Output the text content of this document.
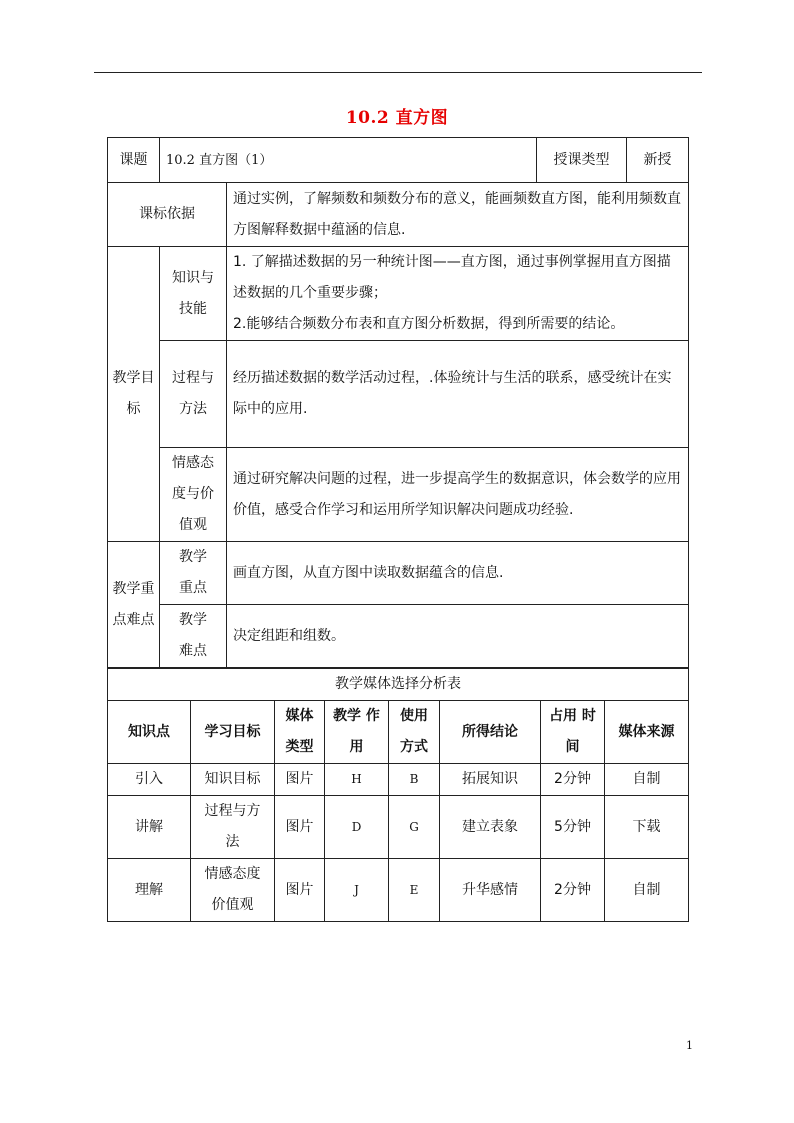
10.2 直方图
课题	10.2 直方图（1）		授课类型	新授
课标依据		通过实例，了解频数和频数分布的意义，能画频数直方图，能利用频数直方图解释数据中蕴涵的信息.		
教学目标	知识与技能	1. 了解描述数据的另一种统计图——直方图，通过事例掌握用直方图描述数据的几个重要步骤；
2.能够结合频数分布表和直方图分析数据，得到所需要的结论。		

	过程与方法	经历描述数据的数学活动过程，.体验统计与生活的联系，感受统计在实际中的应用.		
	情感态度与价值观	通过研究解决问题的过程，进一步提高学生的数据意识，体会数学的应用价值，感受合作学习和运用所学知识解决问题成功经验.		
教学重点难点	教学重点	画直方图，从直方图中读取数据蕴含的信息.		
	教学难点	决定组距和组数。		
教学媒体选择分析表							
知识点	学习目标	媒体类型	教学 作用	使用方式	所得结论	占用 时间	媒体来源
引入	知识目标	图片	H	B	拓展知识	2分钟	自制
讲解	过程与方法	图片	D	G	建立表象	5分钟	下载
理解	情感态度价值观	图片	J	E	升华感情	2分钟	自制
1
